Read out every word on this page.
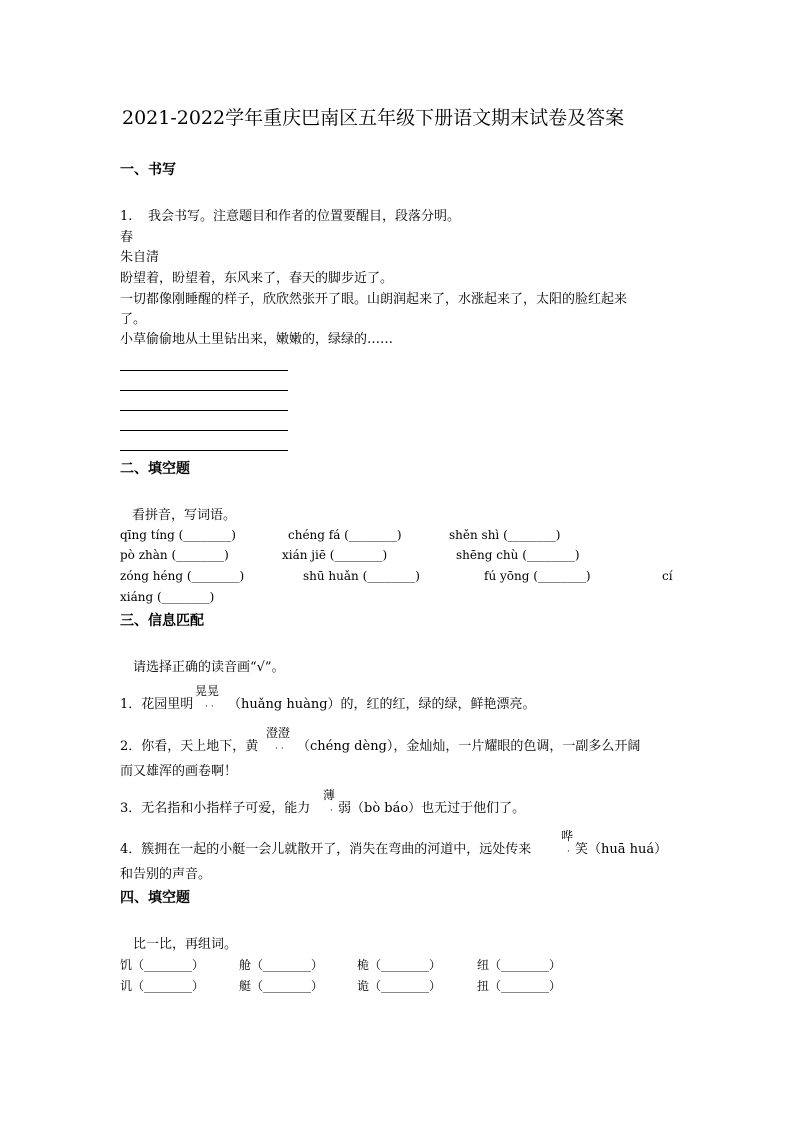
2021-2022学年重庆巴南区五年级下册语文期末试卷及答案
一、书写
1. 我会书写。注意题目和作者的位置要醒目，段落分明。
春
朱自清
盼望着，盼望着，东风来了，春天的脚步近了。
一切都像刚睡醒的样子，欣欣然张开了眼。山朗润起来了，水涨起来了，太阳的脸红起来
了。
小草偷偷地从土里钻出来，嫩嫩的，绿绿的……
二、填空题
看拼音，写词语。
qīng tíng (________)	chéng fá (________)	shěn shì (________)
pò zhàn (________)	xián jiē (________)	shēng chù (________)
zóng héng (________)	shū huǎn (________)	fú yōng (________)	cí
xiáng (________)
三、信息匹配
请选择正确的读音画“√”。
晃晃
1．花园里明 ·· （huǎng huàng）的，红的红，绿的绿，鲜艳漂亮。
澄澄
2．你看，天上地下，黄 ·· （chéng dèng），金灿灿，一片耀眼的色调，一副多么开阔
而又雄浑的画卷啊！
薄
3．无名指和小指样子可爱，能力 · 弱（bò báo）也无过于他们了。
哗
4．簇拥在一起的小艇一会儿就散开了，消失在弯曲的河道中，远处传来	· 笑（huā huá）
和告别的声音。
四、填空题
比一比，再组词。
饥（________）	舱（________）	桅（________）	纽（________）
讥（________）	艇（________）	诡（________）	扭（________）
